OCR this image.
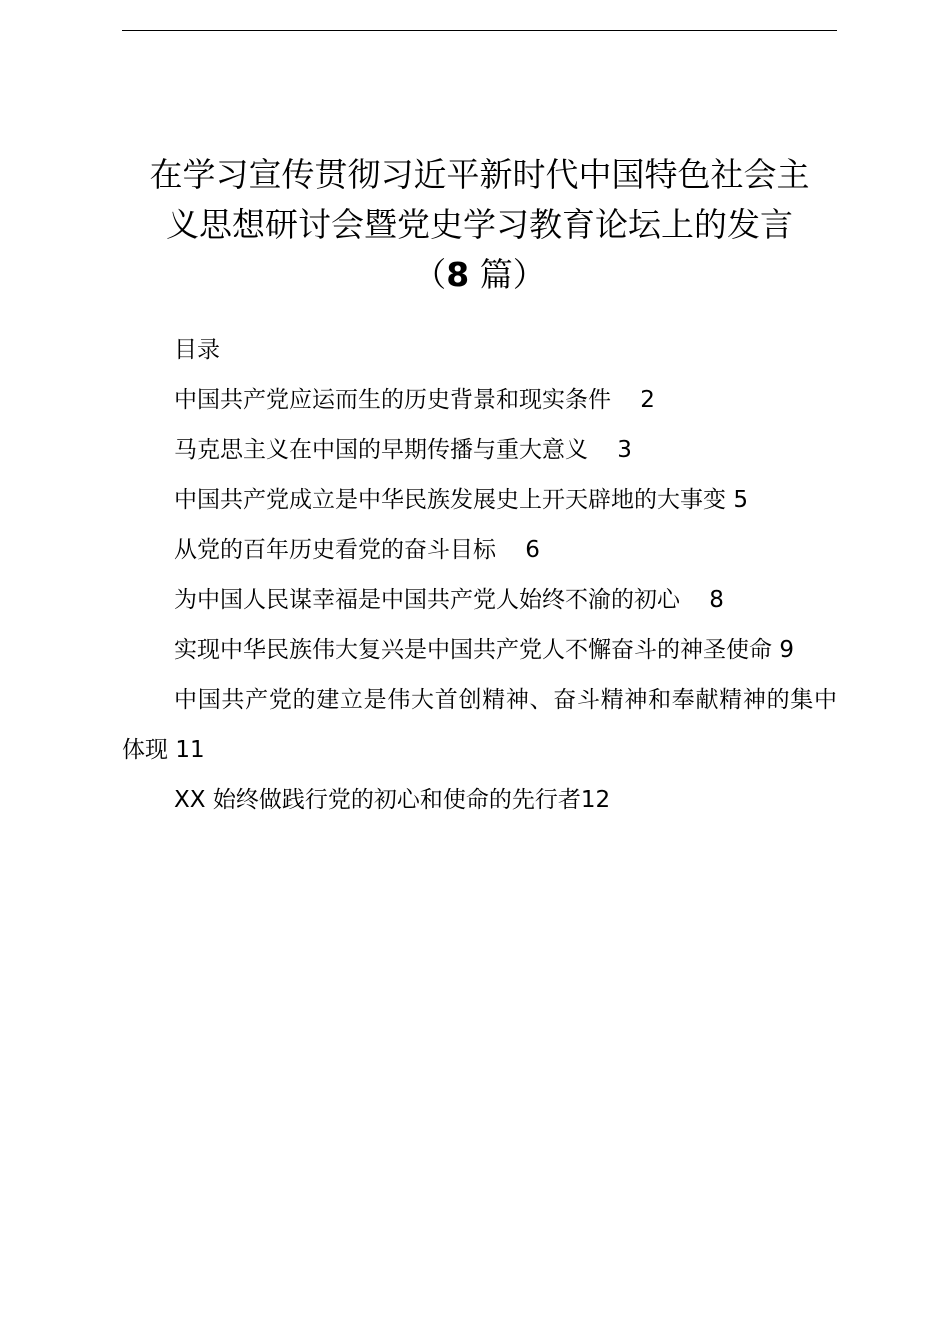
在学习宣传贯彻习近平新时代中国特色社会主
义思想研讨会暨党史学习教育论坛上的发言
（8 篇）

目录

中国共产党应运而生的历史背景和现实条件 2

马克思主义在中国的早期传播与重大意义 3

中国共产党成立是中华民族发展史上开天辟地的大事变 5

从党的百年历史看党的奋斗目标 6

为中国人民谋幸福是中国共产党人始终不渝的初心 8

实现中华民族伟大复兴是中国共产党人不懈奋斗的神圣使命 9

中国共产党的建立是伟大首创精神、奋斗精神和奉献精神的集中体现 11

XX 始终做践行党的初心和使命的先行者12
